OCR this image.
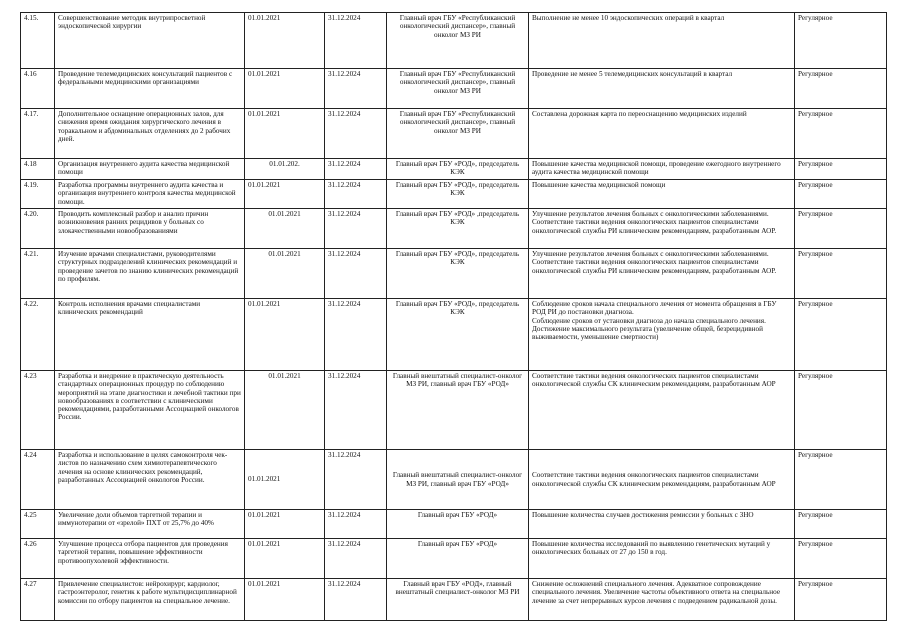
4.15.	Совершенствование методик внутрипросветной эндоскопической хирургии	01.01.2021	31.12.2024	Главный врач ГБУ «Республиканский онкологический диспансер», главный онколог МЗ РИ	Выполнение не менее 10 эндоскопических операций в квартал	Регулярное
4.16	Проведение телемедицинских консультаций пациентов с федеральными медицинскими организациями	01.01.2021	31.12.2024	Главный врач ГБУ «Республиканский онкологический диспансер», главный онколог МЗ РИ	Проведение не менее 5 телемедицинских консультаций в квартал	Регулярное
4.17.	Дополнительное оснащение операционных залов, для снижения время ожидания хирургического лечения в торакальном и абдоминальных отделениях до 2 рабочих дней.	01.01.2021	31.12.2024	Главный врач ГБУ «Республиканский онкологический диспансер», главный онколог МЗ РИ	Составлена дорожная карта по переоснащению медицинских изделий	Регулярное
4.18	Организация внутреннего аудита качества медицинской помощи	01.01.202.	31.12.2024	Главный врач ГБУ «РОД», председатель КЭК	Повышение качества медицинской помощи, проведение ежегодного внутреннего аудита качества медицинской помощи	Регулярное
4.19.	Разработка программы внутреннего аудита качества и организация внутреннего контроля качества медицинской помощи.	01.01.2021	31.12.2024	Главный врач ГБУ «РОД», председатель КЭК	Повышение качества медицинской помощи	Регулярное
4.20.	Проводить комплексный разбор и анализ причин возникновения ранних рецидивов у больных со злокачественными новообразованиями	01.01.2021	31.12.2024	Главный врач ГБУ «РОД» ,председатель КЭК	Улучшение результатов лечения больных с онкологическими заболеваниями. Соответствие тактики ведения онкологических пациентов специалистами онкологической службы РИ клиническим рекомендациям, разработанным АОР.	Регулярное
4.21.	Изучение врачами специалистами, руководителями структурных подразделений клинических рекомендаций и проведение зачетов по знанию клинических рекомендаций по профилям.	01.01.2021	31.12.2024	Главный врач ГБУ «РОД», председатель КЭК	Улучшение результатов лечения больных с онкологическими заболеваниями. Соответствие тактики ведения онкологических пациентов специалистами онкологической службы РИ клиническим рекомендациям, разработанным АОР.	Регулярное
4.22.	Контроль исполнения врачами специалистами клинических рекомендаций	01.01.2021	31.12.2024	Главный врач ГБУ «РОД», председатель КЭК	Соблюдение сроков начала специального лечения от момента обращения в ГБУ
РОД РИ до постановки диагноза.
Соблюдение сроков от установки диагноза до начала специального лечения.
Достижение максимального результата (увеличение общей, безрецидивной выживаемости, уменьшение смертности)	Регулярное
4.23	Разработка и внедрение в практическую деятельность стандартных операционных процедур по соблюдению мероприятий на этапе диагностики и лечебной тактики при новообразованиях в соответствии с клиническими рекомендациями, разработанными Ассоциацией онкологов России.	01.01.2021	31.12.2024	Главный внештатный специалист-онколог МЗ РИ, главный врач ГБУ «РОД»	Соответствие тактики ведения онкологических пациентов специалистами онкологической службы СК клиническим рекомендациям, разработанным АОР	Регулярное
4.24	Разработка и использование в целях самоконтроля чек-листов по назначению схем химиотерапевтического лечения на основе клинических рекомендаций, разработанных Ассоциацией онкологов России.	01.01.2021	31.12.2024	Главный внештатный специалист-онколог МЗ РИ, главный врач ГБУ «РОД»	Соответствие тактики ведения онкологических пациентов специалистами онкологической службы СК клиническим рекомендациям, разработанным АОР	Регулярное
4.25	Увеличение доли объемов таргетной терапии и иммунотерапии от «зрелой» ПХТ от 25,7% до 40%	01.01.2021	31.12.2024	Главный врач ГБУ «РОД»	Повышение количества случаев достижения ремиссии у больных с ЗНО	Регулярное
4.26	Улучшение процесса отбора пациентов для проведения таргетной терапии, повышение эффективности противоопухолевой эффективности.	01.01.2021	31.12.2024	Главный врач ГБУ «РОД»	Повышение количества исследований по выявлению генетических мутаций у онкологических больных от 27 до 150 в год.	Регулярное
4.27	Привлечение специалистов: нейрохирург, кардиолог, гастроэнтеролог, генетик к работе мультидисциплинарной комиссии по отбору пациентов на специальное лечение.	01.01.2021	31.12.2024	Главный врач ГБУ «РОД», главный внештатный специалист-онколог МЗ РИ	Снижение осложнений специального лечения. Адекватное сопровождение специального лечения. Увеличение частоты объективного ответа на специальное лечение за счет непрерывных курсов лечения с подведением радикальной дозы.	Регулярное
